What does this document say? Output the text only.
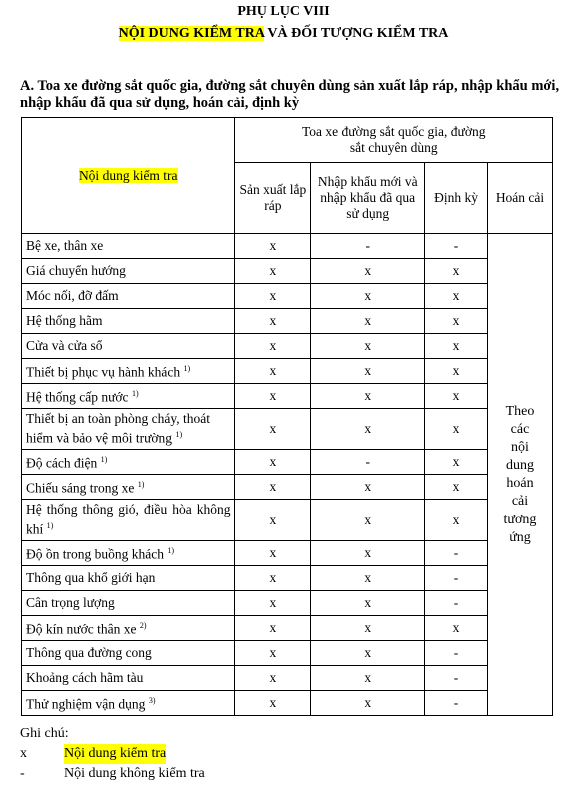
PHỤ LỤC VIII
NỘI DUNG KIỂM TRA VÀ ĐỐI TƯỢNG KIỂM TRA
A. Toa xe đường sắt quốc gia, đường sắt chuyên dùng sản xuất lắp ráp, nhập khẩu mới, nhập khẩu đã qua sử dụng, hoán cải, định kỳ
Nội dung kiểm tra	Toa xe đường sắt quốc gia, đường sắt chuyên dùng			
	Sản xuất lắp ráp	Nhập khẩu mới và nhập khẩu đã qua sử dụng	Định kỳ	Hoán cải
Bệ xe, thân xe	x	-	-	Theo các nội dung hoán cải tương ứng
Giá chuyển hướng	x	x	x	
Móc nối, đỡ đấm	x	x	x	
Hệ thống hãm	x	x	x	
Cửa và cửa sổ	x	x	x	
Thiết bị phục vụ hành khách $^{1)}$	x	x	x	
Hệ thống cấp nước $^{1)}$	x	x	x	
Thiết bị an toàn phòng cháy, thoát hiểm và bảo vệ môi trường $^{1)}$	x	x	x	
Độ cách điện $^{1)}$	x	-	x	
Chiếu sáng trong xe $^{1)}$	x	x	x	
Hệ thống thông gió, điều hòa không khí $^{1)}$	x	x	x	
Độ ồn trong buồng khách $^{1)}$	x	x	-	
Thông qua khổ giới hạn	x	x	-	
Cân trọng lượng	x	x	-	
Độ kín nước thân xe $^{2)}$	x	x	x	
Thông qua đường cong	x	x	-	
Khoảng cách hãm tàu	x	x	-	
Thử nghiệm vận dụng $^{3)}$	x	x	-	
Ghi chú:
x	Nội dung kiểm tra
-	Nội dung không kiểm tra
